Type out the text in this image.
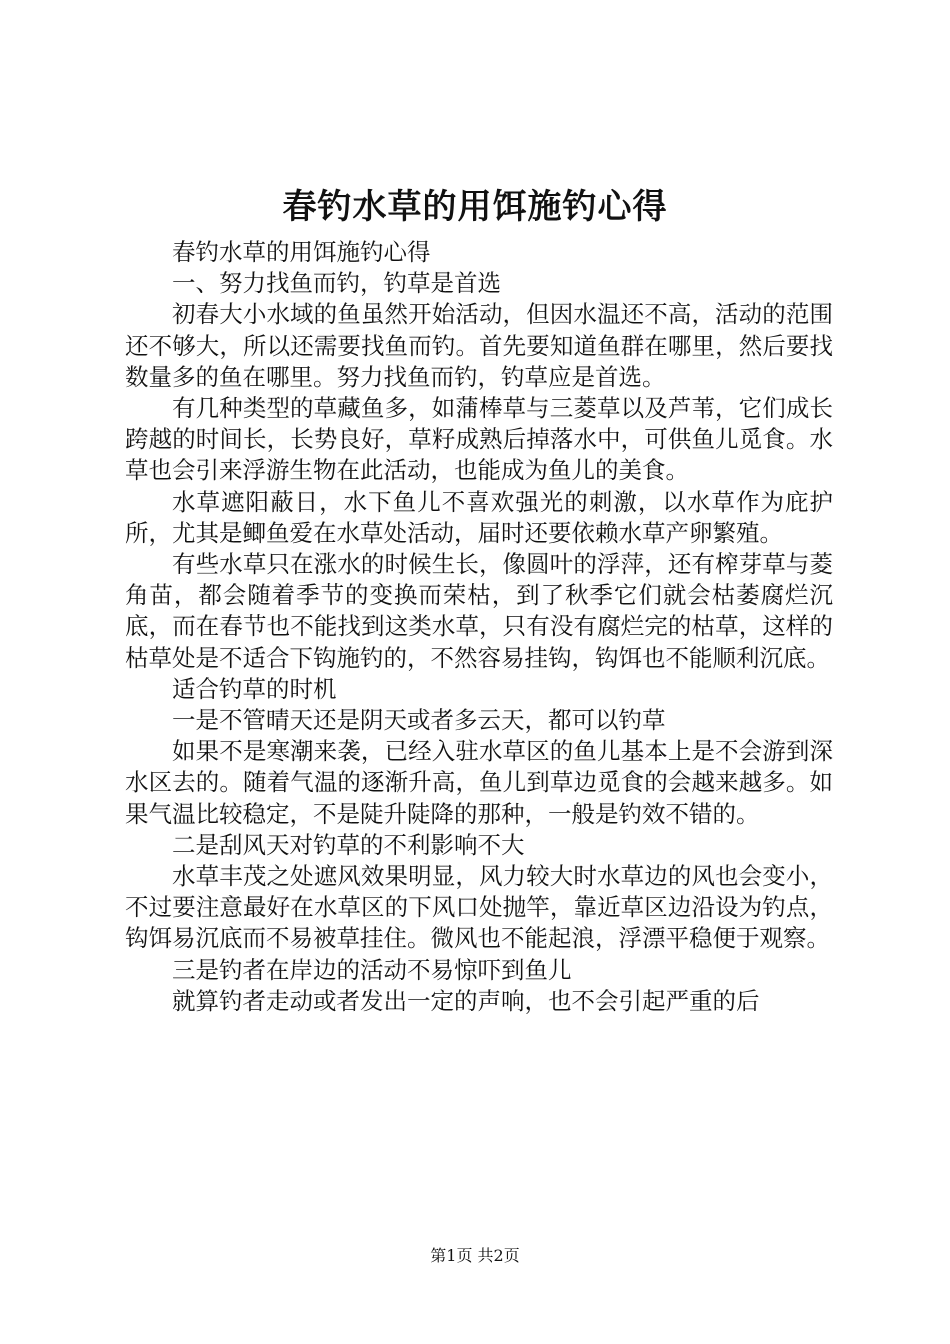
春钓水草的用饵施钓心得

春钓水草的用饵施钓心得

一、努力找鱼而钓，钓草是首选

初春大小水域的鱼虽然开始活动，但因水温还不高，活动的范围还不够大，所以还需要找鱼而钓。首先要知道鱼群在哪里，然后要找数量多的鱼在哪里。努力找鱼而钓，钓草应是首选。

有几种类型的草藏鱼多，如蒲棒草与三菱草以及芦苇，它们成长跨越的时间长，长势良好，草籽成熟后掉落水中，可供鱼儿觅食。水草也会引来浮游生物在此活动，也能成为鱼儿的美食。

水草遮阳蔽日，水下鱼儿不喜欢强光的刺激，以水草作为庇护所，尤其是鲫鱼爱在水草处活动，届时还要依赖水草产卵繁殖。

有些水草只在涨水的时候生长，像圆叶的浮萍，还有榨芽草与菱角苗，都会随着季节的变换而荣枯，到了秋季它们就会枯萎腐烂沉底，而在春节也不能找到这类水草，只有没有腐烂完的枯草，这样的枯草处是不适合下钩施钓的，不然容易挂钩，钩饵也不能顺利沉底。

适合钓草的时机

一是不管晴天还是阴天或者多云天，都可以钓草

如果不是寒潮来袭，已经入驻水草区的鱼儿基本上是不会游到深水区去的。随着气温的逐渐升高，鱼儿到草边觅食的会越来越多。如果气温比较稳定，不是陡升陡降的那种，一般是钓效不错的。

二是刮风天对钓草的不利影响不大

水草丰茂之处遮风效果明显，风力较大时水草边的风也会变小，不过要注意最好在水草区的下风口处抛竿，靠近草区边沿设为钓点，钩饵易沉底而不易被草挂住。微风也不能起浪，浮漂平稳便于观察。

三是钓者在岸边的活动不易惊吓到鱼儿

就算钓者走动或者发出一定的声响，也不会引起严重的后

第1页 共2页
